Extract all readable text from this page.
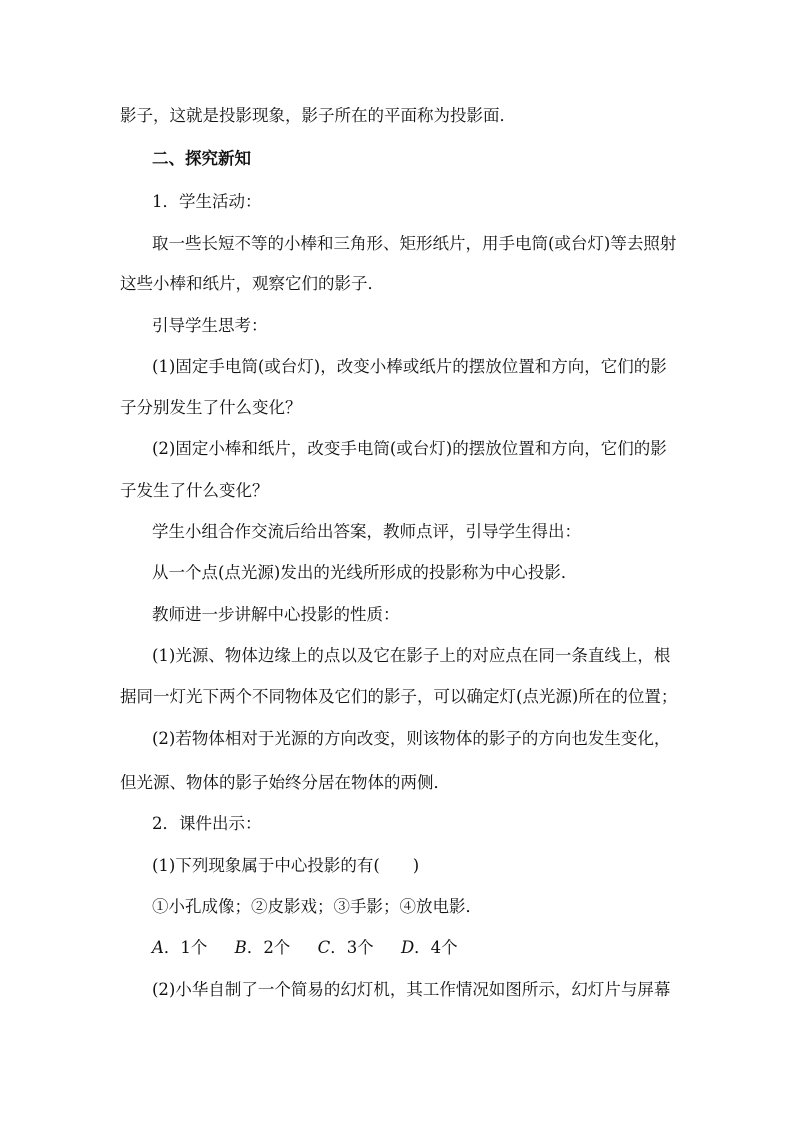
影子，这就是投影现象，影子所在的平面称为投影面．
二、探究新知
1．学生活动：
取一些长短不等的小棒和三角形、矩形纸片，用手电筒(或台灯)等去照射
这些小棒和纸片，观察它们的影子．
引导学生思考：
(1)固定手电筒(或台灯)，改变小棒或纸片的摆放位置和方向，它们的影
子分别发生了什么变化？
(2)固定小棒和纸片，改变手电筒(或台灯)的摆放位置和方向，它们的影
子发生了什么变化？
学生小组合作交流后给出答案，教师点评，引导学生得出：
从一个点(点光源)发出的光线所形成的投影称为中心投影．
教师进一步讲解中心投影的性质：
(1)光源、物体边缘上的点以及它在影子上的对应点在同一条直线上，根
据同一灯光下两个不同物体及它们的影子，可以确定灯(点光源)所在的位置；
(2)若物体相对于光源的方向改变，则该物体的影子的方向也发生变化，
但光源、物体的影子始终分居在物体的两侧．
2．课件出示：
(1)下列现象属于中心投影的有(　　)
①小孔成像；②皮影戏；③手影；④放电影．
A．1个 B．2个 C．3个 D．4个
(2)小华自制了一个简易的幻灯机，其工作情况如图所示，幻灯片与屏幕
